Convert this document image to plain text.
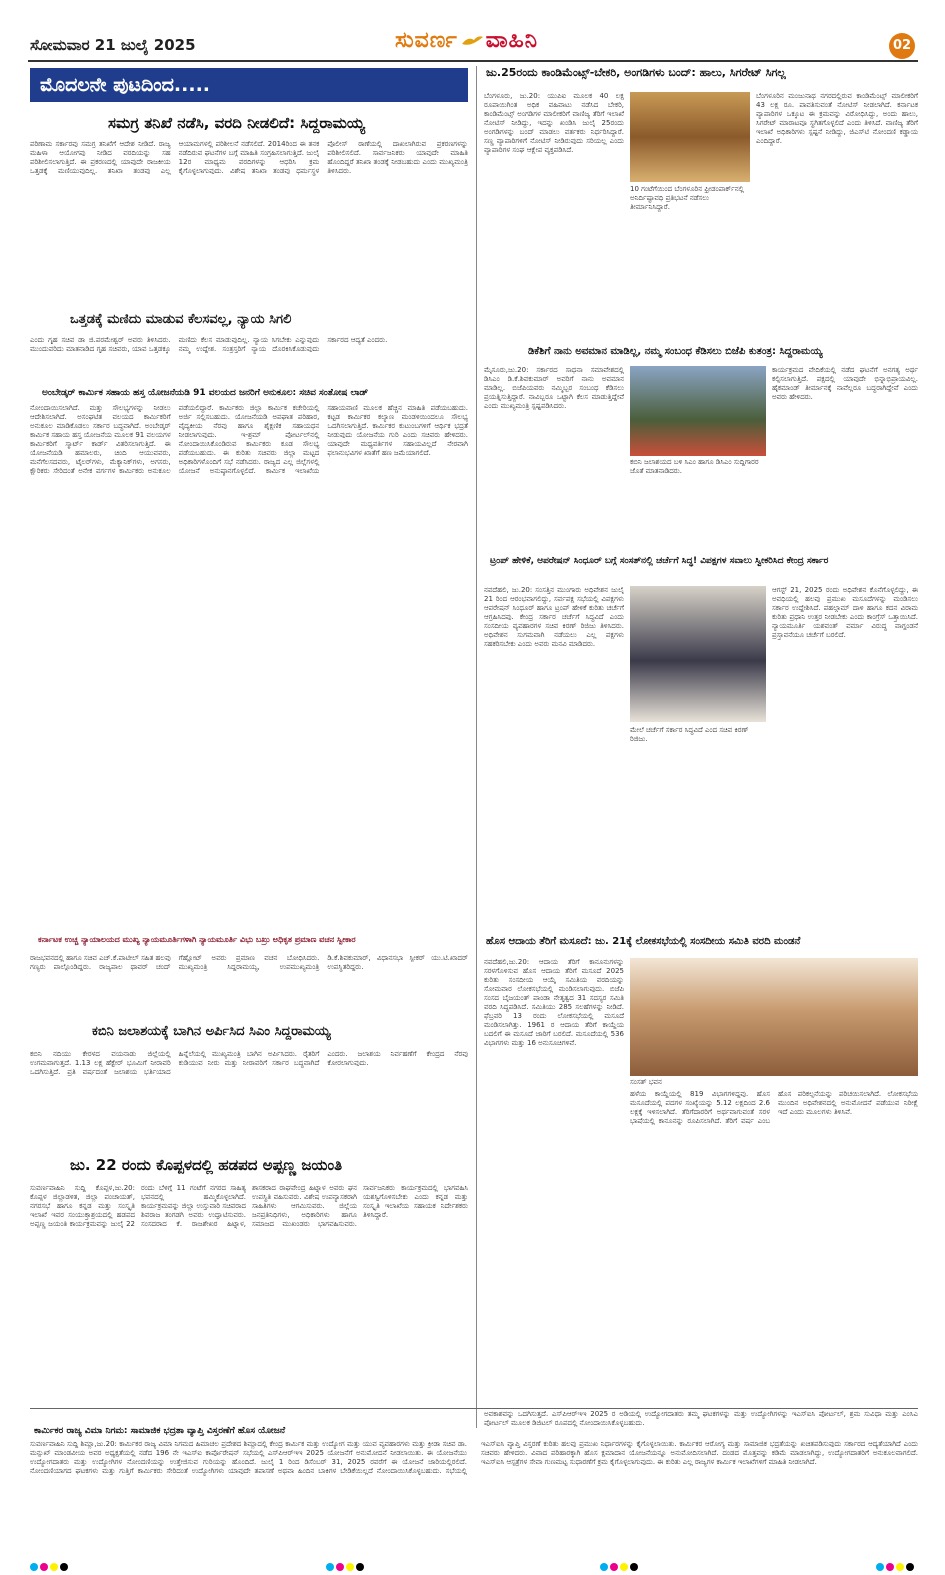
ಸೋಮವಾರ 21 ಜುಲೈ 2025	ಸುವರ್ಣ ವಾಹಿನಿ	02
ಮೊದಲನೇ ಪುಟದಿಂದ.....
ಸಮಗ್ರ ತನಿಖೆ ನಡೆಸಿ, ವರದಿ ನೀಡಲಿದೆ: ಸಿದ್ದರಾಮಯ್ಯ
ಪರಿಣಾಮ ಸರ್ಕಾರವು ಸಮಗ್ರ ತನಿಖೆಗೆ ಆದೇಶ ನೀಡಿದೆ. ರಾಜ್ಯ ಮಹಿಳಾ ಆಯೋಗವು ನೀಡಿದ ವರದಿಯನ್ನು ಸಹ ಪರಿಶೀಲಿಸಲಾಗುತ್ತಿದೆ. ಈ ಪ್ರಕರಣದಲ್ಲಿ ಯಾವುದೇ ರಾಜಕೀಯ ಒತ್ತಡಕ್ಕೆ ಮಣಿಯುವುದಿಲ್ಲ. ತನಿಖಾ ತಂಡವು ಎಲ್ಲ ಆಯಾಮಗಳಲ್ಲಿ ಪರಿಶೀಲನೆ ನಡೆಸಲಿದೆ. 2014ರಿಂದ ಈ ತನಕ ನಡೆದಿರುವ ಘಟನೆಗಳ ಬಗ್ಗೆ ಮಾಹಿತಿ ಸಂಗ್ರಹಿಸಲಾಗುತ್ತಿದೆ. ಜುಲೈ 12ರ ಮಾಧ್ಯಮ ವರದಿಗಳನ್ನು ಆಧರಿಸಿ ಕ್ರಮ ಕೈಗೊಳ್ಳಲಾಗುವುದು. ವಿಶೇಷ ತನಿಖಾ ತಂಡವು ಧರ್ಮಸ್ಥಳ ಪೊಲೀಸ್ ಠಾಣೆಯಲ್ಲಿ ದಾಖಲಾಗಿರುವ ಪ್ರಕರಣಗಳನ್ನು ಪರಿಶೀಲಿಸಲಿದೆ. ಸಾರ್ವಜನಿಕರು ಯಾವುದೇ ಮಾಹಿತಿ ಹೊಂದಿದ್ದರೆ ತನಿಖಾ ತಂಡಕ್ಕೆ ನೀಡಬಹುದು ಎಂದು ಮುಖ್ಯಮಂತ್ರಿ ತಿಳಿಸಿದರು.
ಒತ್ತಡಕ್ಕೆ ಮಣಿದು ಮಾಡುವ ಕೆಲಸವಲ್ಲ, ನ್ಯಾಯ ಸಿಗಲಿ
ಎಂದು ಗೃಹ ಸಚಿವ ಡಾ ಜಿ.ಪರಮೇಶ್ವರ್ ಅವರು ತಿಳಿಸಿದರು. ಮುಂದುವರಿದು ಮಾತನಾಡಿದ ಗೃಹ ಸಚಿವರು, ಯಾವ ಒತ್ತಡಕ್ಕೂ ಮಣಿದು ಕೆಲಸ ಮಾಡುವುದಿಲ್ಲ. ನ್ಯಾಯ ಸಿಗಬೇಕು ಎನ್ನುವುದು ನಮ್ಮ ಉದ್ದೇಶ. ಸಂತ್ರಸ್ತರಿಗೆ ನ್ಯಾಯ ದೊರಕಿಸಿಕೊಡುವುದು ಸರ್ಕಾರದ ಆದ್ಯತೆ ಎಂದರು.
ಅಂಬೇಡ್ಕರ್ ಕಾರ್ಮಿಕ ಸಹಾಯ ಹಸ್ತ ಯೋಜನೆಯಡಿ 91 ವಲಯದ ಜನರಿಗೆ ಅನುಕೂಲ: ಸಚಿವ ಸಂತೋಷ ಲಾಡ್
ನೋಂದಾಯಿಸಲಾಗಿದೆ. ಮತ್ತು ಸೌಲಭ್ಯಗಳನ್ನು ನೀಡಲು ಆದೇಶಿಸಲಾಗಿದೆ. ಅಸಂಘಟಿತ ವಲಯದ ಕಾರ್ಮಿಕರಿಗೆ ಅನುಕೂಲ ಮಾಡಿಕೊಡಲು ಸರ್ಕಾರ ಬದ್ಧವಾಗಿದೆ. ಅಂಬೇಡ್ಕರ್ ಕಾರ್ಮಿಕ ಸಹಾಯ ಹಸ್ತ ಯೋಜನೆಯ ಮೂಲಕ 91 ವಲಯಗಳ ಕಾರ್ಮಿಕರಿಗೆ ಸ್ಮಾರ್ಟ್ ಕಾರ್ಡ್ ವಿತರಿಸಲಾಗುತ್ತಿದೆ. ಈ ಯೋಜನೆಯಡಿ ಹಮಾಲರು, ಚಿಂದಿ ಆಯುವವರು, ಮನೆಗೆಲಸದವರು, ಟೈಲರ್‌ಗಳು, ಮೆಕ್ಯಾನಿಕ್‌ಗಳು, ಅಗಸರು, ಕ್ಷೌರಿಕರು ಸೇರಿದಂತೆ ಅನೇಕ ವರ್ಗಗಳ ಕಾರ್ಮಿಕರು ಅನುಕೂಲ ಪಡೆಯಲಿದ್ದಾರೆ. ಕಾರ್ಮಿಕರು ಜಿಲ್ಲಾ ಕಾರ್ಮಿಕ ಕಚೇರಿಯಲ್ಲಿ ಅರ್ಜಿ ಸಲ್ಲಿಸಬಹುದು. ಯೋಜನೆಯಡಿ ಅಪಘಾತ ಪರಿಹಾರ, ವೈದ್ಯಕೀಯ ನೆರವು ಹಾಗೂ ಶೈಕ್ಷಣಿಕ ಸಹಾಯಧನ ನೀಡಲಾಗುವುದು. ಇ-ಶ್ರಮ್ ಪೋರ್ಟಲ್‌ನಲ್ಲಿ ನೋಂದಾಯಿಸಿಕೊಂಡಿರುವ ಕಾರ್ಮಿಕರು ಕೂಡ ಸೌಲಭ್ಯ ಪಡೆಯಬಹುದು. ಈ ಕುರಿತು ಸಚಿವರು ಜಿಲ್ಲಾ ಮಟ್ಟದ ಅಧಿಕಾರಿಗಳೊಂದಿಗೆ ಸಭೆ ನಡೆಸಿದರು. ರಾಜ್ಯದ ಎಲ್ಲ ಜಿಲ್ಲೆಗಳಲ್ಲಿ ಯೋಜನೆ ಅನುಷ್ಠಾನಗೊಳ್ಳಲಿದೆ. ಕಾರ್ಮಿಕ ಇಲಾಖೆಯ ಸಹಾಯವಾಣಿ ಮೂಲಕ ಹೆಚ್ಚಿನ ಮಾಹಿತಿ ಪಡೆಯಬಹುದು. ಕಟ್ಟಡ ಕಾರ್ಮಿಕರ ಕಲ್ಯಾಣ ಮಂಡಳಿಯಿಂದಲೂ ಸೌಲಭ್ಯ ಒದಗಿಸಲಾಗುತ್ತಿದೆ. ಕಾರ್ಮಿಕರ ಕುಟುಂಬಗಳಿಗೆ ಆರ್ಥಿಕ ಭದ್ರತೆ ನೀಡುವುದು ಯೋಜನೆಯ ಗುರಿ ಎಂದು ಸಚಿವರು ಹೇಳಿದರು. ಯಾವುದೇ ಮಧ್ಯವರ್ತಿಗಳ ಸಹಾಯವಿಲ್ಲದೆ ನೇರವಾಗಿ ಫಲಾನುಭವಿಗಳ ಖಾತೆಗೆ ಹಣ ಜಮೆಯಾಗಲಿದೆ.
ಕರ್ನಾಟಕ ಉಚ್ಚ ನ್ಯಾಯಾಲಯದ ಮುಖ್ಯ ನ್ಯಾಯಮೂರ್ತಿಗಳಾಗಿ ನ್ಯಾಯಮೂರ್ತಿ ವಿಭು ಬಖ್ರು ಅಧಿಕೃತ ಪ್ರಮಾಣ ವಚನ ಸ್ವೀಕಾರ
ರಾಜಭವನದಲ್ಲಿ ಹಾಗೂ ಸಚಿವ ಎಚ್.ಕೆ.ಪಾಟೀಲ್ ಸಹಿತ ಹಲವು ಗಣ್ಯರು ಪಾಲ್ಗೊಂಡಿದ್ದರು. ರಾಜ್ಯಪಾಲ ಥಾವರ್ ಚಂದ್ ಗೆಹ್ಲೋಟ್ ಅವರು ಪ್ರಮಾಣ ವಚನ ಬೋಧಿಸಿದರು. ಮುಖ್ಯಮಂತ್ರಿ ಸಿದ್ದರಾಮಯ್ಯ, ಉಪಮುಖ್ಯಮಂತ್ರಿ ಡಿ.ಕೆ.ಶಿವಕುಮಾರ್, ವಿಧಾನಸಭಾ ಸ್ಪೀಕರ್ ಯು.ಟಿ.ಖಾದರ್ ಉಪಸ್ಥಿತರಿದ್ದರು.
ಕಬಿನಿ ಜಲಾಶಯಕ್ಕೆ ಬಾಗಿನ ಅರ್ಪಿಸಿದ ಸಿಎಂ ಸಿದ್ದರಾಮಯ್ಯ
ಕಬಿನಿ ನದಿಯು ಕೇರಳದ ವಯನಾಡು ಜಿಲ್ಲೆಯಲ್ಲಿ ಉಗಮವಾಗುತ್ತದೆ. 1.13 ಲಕ್ಷ ಹೆಕ್ಟೇರ್ ಭೂಮಿಗೆ ನೀರಾವರಿ ಒದಗಿಸುತ್ತಿದೆ. ಪ್ರತಿ ವರ್ಷದಂತೆ ಜಲಾಶಯ ಭರ್ತಿಯಾದ ಹಿನ್ನೆಲೆಯಲ್ಲಿ ಮುಖ್ಯಮಂತ್ರಿ ಬಾಗಿನ ಅರ್ಪಿಸಿದರು. ರೈತರಿಗೆ ಕುಡಿಯುವ ನೀರು ಮತ್ತು ನೀರಾವರಿಗೆ ಸರ್ಕಾರ ಬದ್ಧವಾಗಿದೆ ಎಂದರು. ಜಲಾಶಯ ನಿರ್ವಹಣೆಗೆ ಕೇಂದ್ರದ ನೆರವು ಕೋರಲಾಗುವುದು.
ಜು. 22 ರಂದು ಕೊಪ್ಪಳದಲ್ಲಿ ಹಡಪದ ಅಪ್ಪಣ್ಣ ಜಯಂತಿ
ಸುವರ್ಣವಾಹಿನಿ ಸುದ್ದಿ ಕೊಪ್ಪಳ,ಜು.20: ಕೊಪ್ಪಳ ಜಿಲ್ಲಾಡಳಿತ, ಜಿಲ್ಲಾ ಪಂಚಾಯತ್, ನಗರಸಭೆ ಹಾಗೂ ಕನ್ನಡ ಮತ್ತು ಸಂಸ್ಕೃತಿ ಇಲಾಖೆ ಇವರ ಸಂಯುಕ್ತಾಶ್ರಯದಲ್ಲಿ ಹಡಪದ ಅಪ್ಪಣ್ಣ ಜಯಂತಿ ಕಾರ್ಯಕ್ರಮವನ್ನು ಜುಲೈ 22 ರಂದು ಬೆಳಿಗ್ಗೆ 11 ಗಂಟೆಗೆ ನಗರದ ಸಾಹಿತ್ಯ ಭವನದಲ್ಲಿ ಹಮ್ಮಿಕೊಳ್ಳಲಾಗಿದೆ. ಕಾರ್ಯಕ್ರಮವನ್ನು ಜಿಲ್ಲಾ ಉಸ್ತುವಾರಿ ಸಚಿವರಾದ ಶಿವರಾಜ ತಂಗಡಗಿ ಅವರು ಉದ್ಘಾಟಿಸುವರು. ಸಂಸದರಾದ ಕೆ. ರಾಜಶೇಖರ ಹಿಟ್ನಾಳ, ಶಾಸಕರಾದ ರಾಘವೇಂದ್ರ ಹಿಟ್ನಾಳ ಅವರು ಘನ ಉಪಸ್ಥಿತಿ ವಹಿಸುವರು. ವಿಶೇಷ ಉಪನ್ಯಾಸಕರಾಗಿ ಸಾಹಿತಿಗಳು ಆಗಮಿಸುವರು. ಜಿಲ್ಲೆಯ ಜನಪ್ರತಿನಿಧಿಗಳು, ಅಧಿಕಾರಿಗಳು ಹಾಗೂ ಸಮಾಜದ ಮುಖಂಡರು ಭಾಗವಹಿಸುವರು. ಸಾರ್ವಜನಿಕರು ಕಾರ್ಯಕ್ರಮದಲ್ಲಿ ಭಾಗವಹಿಸಿ ಯಶಸ್ವಿಗೊಳಿಸಬೇಕು ಎಂದು ಕನ್ನಡ ಮತ್ತು ಸಂಸ್ಕೃತಿ ಇಲಾಖೆಯ ಸಹಾಯಕ ನಿರ್ದೇಶಕರು ತಿಳಿಸಿದ್ದಾರೆ.
ಜು.25ರಂದು ಕಾಂಡಿಮೆಂಟ್ಸ್-ಬೇಕರಿ, ಅಂಗಡಿಗಳು ಬಂದ್: ಹಾಲು, ಸಿಗರೇಟ್ ಸಿಗಲ್ಲ
ಬೆಂಗಳೂರು, ಜು.20: ಯುಪಿಐ ಮೂಲಕ 40 ಲಕ್ಷ ರೂಪಾಯಿಗಿಂತ ಅಧಿಕ ವಹಿವಾಟು ನಡೆಸಿದ ಬೇಕರಿ, ಕಾಂಡಿಮೆಂಟ್ಸ್ ಅಂಗಡಿಗಳ ಮಾಲೀಕರಿಗೆ ವಾಣಿಜ್ಯ ತೆರಿಗೆ ಇಲಾಖೆ ನೋಟಿಸ್ ನೀಡಿದ್ದು, ಇದನ್ನು ಖಂಡಿಸಿ ಜುಲೈ 25ರಂದು ಅಂಗಡಿಗಳನ್ನು ಬಂದ್ ಮಾಡಲು ವರ್ತಕರು ನಿರ್ಧರಿಸಿದ್ದಾರೆ. ಸಣ್ಣ ವ್ಯಾಪಾರಿಗಳಿಗೆ ನೋಟಿಸ್ ನೀಡಿರುವುದು ಸರಿಯಲ್ಲ ಎಂದು ವ್ಯಾಪಾರಿಗಳ ಸಂಘ ಆಕ್ಷೇಪ ವ್ಯಕ್ತಪಡಿಸಿದೆ.
10 ಗಂಟೆಗೆಯಿಂದ ಬೆಂಗಳೂರಿನ ಫ್ರೀಡಂಪಾರ್ಕ್‌ನಲ್ಲಿ ಅನಿರ್ದಿಷ್ಟಾವಧಿ ಪ್ರತಿಭಟನೆ ನಡೆಸಲು ತೀರ್ಮಾನಿಸಿದ್ದಾರೆ.
ಬೆಂಗಳೂರಿನ ಮಂಜುನಾಥ ನಗರದಲ್ಲಿರುವ ಕಾಂಡಿಮೆಂಟ್ಸ್ ಮಾಲೀಕರಿಗೆ 43 ಲಕ್ಷ ರೂ. ಪಾವತಿಸುವಂತೆ ನೋಟಿಸ್ ನೀಡಲಾಗಿದೆ. ಕರ್ನಾಟಕ ವ್ಯಾಪಾರಿಗಳ ಒಕ್ಕೂಟ ಈ ಕ್ರಮವನ್ನು ವಿರೋಧಿಸಿದ್ದು, ಅಂದು ಹಾಲು, ಸಿಗರೇಟ್ ಮಾರಾಟವೂ ಸ್ಥಗಿತಗೊಳ್ಳಲಿದೆ ಎಂದು ತಿಳಿಸಿದೆ. ವಾಣಿಜ್ಯ ತೆರಿಗೆ ಇಲಾಖೆ ಅಧಿಕಾರಿಗಳು ಸ್ಪಷ್ಟನೆ ನೀಡಿದ್ದು, ಜಿಎಸ್‌ಟಿ ನೋಂದಣಿ ಕಡ್ಡಾಯ ಎಂದಿದ್ದಾರೆ.
ಡಿಕೆಶಿಗೆ ನಾನು ಅವಮಾನ ಮಾಡಿಲ್ಲ, ನಮ್ಮ ಸಂಬಂಧ ಕೆಡಿಸಲು ಬಿಜೆಪಿ ಕುತಂತ್ರ: ಸಿದ್ದರಾಮಯ್ಯ
ಮೈಸೂರು,ಜು.20: ಸರ್ಕಾರದ ಸಾಧನಾ ಸಮಾವೇಶದಲ್ಲಿ ಡಿಸಿಎಂ ಡಿ.ಕೆ.ಶಿವಕುಮಾರ್ ಅವರಿಗೆ ನಾನು ಅವಮಾನ ಮಾಡಿಲ್ಲ. ಬಿಜೆಪಿಯವರು ನಮ್ಮಿಬ್ಬರ ಸಂಬಂಧ ಕೆಡಿಸಲು ಪ್ರಯತ್ನಿಸುತ್ತಿದ್ದಾರೆ. ನಾವಿಬ್ಬರೂ ಒಟ್ಟಾಗಿ ಕೆಲಸ ಮಾಡುತ್ತಿದ್ದೇವೆ ಎಂದು ಮುಖ್ಯಮಂತ್ರಿ ಸ್ಪಷ್ಟಪಡಿಸಿದರು.
ಕಬಿನಿ ಜಲಾಶಯದ ಬಳಿ ಸಿಎಂ ಹಾಗೂ ಡಿಸಿಎಂ ಸುದ್ದಿಗಾರರ ಜೊತೆ ಮಾತನಾಡಿದರು.
ಕಾರ್ಯಕ್ರಮದ ವೇದಿಕೆಯಲ್ಲಿ ನಡೆದ ಘಟನೆಗೆ ಅನಗತ್ಯ ಅರ್ಥ ಕಲ್ಪಿಸಲಾಗುತ್ತಿದೆ. ಪಕ್ಷದಲ್ಲಿ ಯಾವುದೇ ಭಿನ್ನಾಭಿಪ್ರಾಯವಿಲ್ಲ. ಹೈಕಮಾಂಡ್ ತೀರ್ಮಾನಕ್ಕೆ ನಾವೆಲ್ಲರೂ ಬದ್ಧರಾಗಿದ್ದೇವೆ ಎಂದು ಅವರು ಹೇಳಿದರು.
ಟ್ರಂಪ್ ಹೇಳಿಕೆ, ಆಪರೇಷನ್ ಸಿಂಧೂರ್ ಬಗ್ಗೆ ಸಂಸತ್‌ನಲ್ಲಿ ಚರ್ಚೆಗೆ ಸಿದ್ಧ! ವಿಪಕ್ಷಗಳ ಸವಾಲು ಸ್ವೀಕರಿಸಿದ ಕೇಂದ್ರ ಸರ್ಕಾರ
ನವದೆಹಲಿ, ಜು.20: ಸಂಸತ್ತಿನ ಮುಂಗಾರು ಅಧಿವೇಶನ ಜುಲೈ 21 ರಿಂದ ಆರಂಭವಾಗಲಿದ್ದು, ಸರ್ವಪಕ್ಷ ಸಭೆಯಲ್ಲಿ ವಿಪಕ್ಷಗಳು ಆಪರೇಷನ್ ಸಿಂಧೂರ್ ಹಾಗೂ ಟ್ರಂಪ್ ಹೇಳಿಕೆ ಕುರಿತು ಚರ್ಚೆಗೆ ಆಗ್ರಹಿಸಿದವು. ಕೇಂದ್ರ ಸರ್ಕಾರ ಚರ್ಚೆಗೆ ಸಿದ್ಧವಿದೆ ಎಂದು ಸಂಸದೀಯ ವ್ಯವಹಾರಗಳ ಸಚಿವ ಕಿರಣ್ ರಿಜಿಜು ತಿಳಿಸಿದರು. ಅಧಿವೇಶನ ಸುಗಮವಾಗಿ ನಡೆಯಲು ಎಲ್ಲ ಪಕ್ಷಗಳು ಸಹಕರಿಸಬೇಕು ಎಂದು ಅವರು ಮನವಿ ಮಾಡಿದರು.
ಮೇಲೆ ಚರ್ಚೆಗೆ ಸರ್ಕಾರ ಸಿದ್ಧವಿದೆ ಎಂದ ಸಚಿವ ಕಿರಣ್ ರಿಜಿಜು.
ಆಗಸ್ಟ್ 21, 2025 ರಂದು ಅಧಿವೇಶನ ಕೊನೆಗೊಳ್ಳಲಿದ್ದು, ಈ ಅವಧಿಯಲ್ಲಿ ಹಲವು ಪ್ರಮುಖ ಮಸೂದೆಗಳನ್ನು ಮಂಡಿಸಲು ಸರ್ಕಾರ ಉದ್ದೇಶಿಸಿದೆ. ಪಹಲ್ಗಾಮ್ ದಾಳಿ ಹಾಗೂ ಕದನ ವಿರಾಮ ಕುರಿತು ಪ್ರಧಾನಿ ಉತ್ತರ ನೀಡಬೇಕು ಎಂದು ಕಾಂಗ್ರೆಸ್ ಒತ್ತಾಯಿಸಿದೆ. ನ್ಯಾಯಮೂರ್ತಿ ಯಶವಂತ್ ವರ್ಮಾ ವಿರುದ್ಧ ವಾಗ್ದಂಡನೆ ಪ್ರಸ್ತಾವನೆಯೂ ಚರ್ಚೆಗೆ ಬರಲಿದೆ.
ಹೊಸ ಆದಾಯ ತೆರಿಗೆ ಮಸೂದೆ: ಜು. 21ಕ್ಕೆ ಲೋಕಸಭೆಯಲ್ಲಿ ಸಂಸದೀಯ ಸಮಿತಿ ವರದಿ ಮಂಡನೆ
ನವದೆಹಲಿ,ಜು.20: ಆದಾಯ ತೆರಿಗೆ ಕಾನೂನುಗಳನ್ನು ಸರಳಗೊಳಿಸುವ ಹೊಸ ಆದಾಯ ತೆರಿಗೆ ಮಸೂದೆ 2025 ಕುರಿತು ಸಂಸದೀಯ ಆಯ್ಕೆ ಸಮಿತಿಯ ವರದಿಯನ್ನು ಸೋಮವಾರ ಲೋಕಸಭೆಯಲ್ಲಿ ಮಂಡಿಸಲಾಗುವುದು. ಬಿಜೆಪಿ ಸಂಸದ ಬೈಜಯಂತ್ ಪಾಂಡಾ ನೇತೃತ್ವದ 31 ಸದಸ್ಯರ ಸಮಿತಿ ವರದಿ ಸಿದ್ಧಪಡಿಸಿದೆ. ಸಮಿತಿಯು 285 ಸಲಹೆಗಳನ್ನು ನೀಡಿದೆ. ಫೆಬ್ರವರಿ 13 ರಂದು ಲೋಕಸಭೆಯಲ್ಲಿ ಮಸೂದೆ ಮಂಡಿಸಲಾಗಿತ್ತು. 1961 ರ ಆದಾಯ ತೆರಿಗೆ ಕಾಯ್ದೆಯ ಬದಲಿಗೆ ಈ ಮಸೂದೆ ಜಾರಿಗೆ ಬರಲಿದೆ. ಮಸೂದೆಯಲ್ಲಿ 536 ವಿಭಾಗಗಳು ಮತ್ತು 16 ಅನುಸೂಚಿಗಳಿವೆ.
ಸಂಸತ್ ಭವನ
ಹಳೆಯ ಕಾಯ್ದೆಯಲ್ಲಿ 819 ವಿಭಾಗಗಳಿದ್ದವು. ಹೊಸ ಮಸೂದೆಯಲ್ಲಿ ಪದಗಳ ಸಂಖ್ಯೆಯನ್ನು 5.12 ಲಕ್ಷದಿಂದ 2.6 ಲಕ್ಷಕ್ಕೆ ಇಳಿಸಲಾಗಿದೆ. ತೆರಿಗೆದಾರರಿಗೆ ಅರ್ಥವಾಗುವಂತೆ ಸರಳ ಭಾಷೆಯಲ್ಲಿ ಕಾನೂನನ್ನು ರೂಪಿಸಲಾಗಿದೆ. ತೆರಿಗೆ ವರ್ಷ ಎಂಬ ಹೊಸ ಪರಿಕಲ್ಪನೆಯನ್ನು ಪರಿಚಯಿಸಲಾಗಿದೆ. ಲೋಕಸಭೆಯ ಮುಂದಿನ ಅಧಿವೇಶನದಲ್ಲಿ ಅನುಮೋದನೆ ಪಡೆಯುವ ನಿರೀಕ್ಷೆ ಇದೆ ಎಂದು ಮೂಲಗಳು ತಿಳಿಸಿವೆ.
ಅವಕಾಶವನ್ನು ಒದಗಿಸುತ್ತದೆ. ಎಸ್‌ಪಿಆರ್‌ಇಇ 2025 ರ ಅಡಿಯಲ್ಲಿ ಉದ್ಯೋಗದಾತರು ತಮ್ಮ ಘಟಕಗಳನ್ನು ಮತ್ತು ಉದ್ಯೋಗಿಗಳನ್ನು ಇಎಸ್‌ಐಸಿ ಪೋರ್ಟಲ್, ಶ್ರಮ ಸುವಿಧಾ ಮತ್ತು ಎಂಸಿಎ ಪೋರ್ಟಲ್ ಮೂಲಕ ಡಿಜಿಟಲ್ ರೂಪದಲ್ಲಿ ನೋಂದಾಯಿಸಿಕೊಳ್ಳಬಹುದು.
ಕಾರ್ಮಿಕರ ರಾಜ್ಯ ವಿಮಾ ನಿಗಮ: ಸಾಮಾಜಿಕ ಭದ್ರತಾ ವ್ಯಾಪ್ತಿ ವಿಸ್ತರಣೆಗೆ ಹೊಸ ಯೋಜನೆ
ಸುವರ್ಣವಾಹಿನಿ ಸುದ್ದಿ ಶಿಮ್ಲಾ,ಜು.20: ಕಾರ್ಮಿಕರ ರಾಜ್ಯ ವಿಮಾ ನಿಗಮದ ಹಿಮಾಚಲ ಪ್ರದೇಶದ ಶಿಮ್ಲಾದಲ್ಲಿ ಕೇಂದ್ರ ಕಾರ್ಮಿಕ ಮತ್ತು ಉದ್ಯೋಗ ಮತ್ತು ಯುವ ವ್ಯವಹಾರಗಳು ಮತ್ತು ಕ್ರೀಡಾ ಸಚಿವ ಡಾ. ಮನ್ಸುಖ್ ಮಾಂಡವೀಯ ಅವರ ಅಧ್ಯಕ್ಷತೆಯಲ್ಲಿ ನಡೆದ 196 ನೇ ಇಎಸ್‌ಐ ಕಾರ್ಪೊರೇಷನ್ ಸಭೆಯಲ್ಲಿ ಎಸ್‌ಪಿಆರ್‌ಇಇ 2025 ಯೋಜನೆಗೆ ಅನುಮೋದನೆ ನೀಡಲಾಯಿತು. ಈ ಯೋಜನೆಯು ಉದ್ಯೋಗದಾತರು ಮತ್ತು ಉದ್ಯೋಗಿಗಳ ನೋಂದಣಿಯನ್ನು ಉತ್ತೇಜಿಸುವ ಗುರಿಯನ್ನು ಹೊಂದಿದೆ. ಜುಲೈ 1 ರಿಂದ ಡಿಸೆಂಬರ್ 31, 2025 ರವರೆಗೆ ಈ ಯೋಜನೆ ಜಾರಿಯಲ್ಲಿರಲಿದೆ. ನೋಂದಣಿಯಾಗದ ಘಟಕಗಳು ಮತ್ತು ಗುತ್ತಿಗೆ ಕಾರ್ಮಿಕರು ಸೇರಿದಂತೆ ಉದ್ಯೋಗಿಗಳು ಯಾವುದೇ ತಪಾಸಣೆ ಅಥವಾ ಹಿಂದಿನ ಬಾಕಿಗಳ ಬೇಡಿಕೆಯಿಲ್ಲದೆ ನೋಂದಾಯಿಸಿಕೊಳ್ಳಬಹುದು. ಸಭೆಯಲ್ಲಿ ಇಎಸ್‌ಐಸಿ ವ್ಯಾಪ್ತಿ ವಿಸ್ತರಣೆ ಕುರಿತು ಹಲವು ಪ್ರಮುಖ ನಿರ್ಧಾರಗಳನ್ನು ಕೈಗೊಳ್ಳಲಾಯಿತು. ಕಾರ್ಮಿಕರ ಆರೋಗ್ಯ ಮತ್ತು ಸಾಮಾಜಿಕ ಭದ್ರತೆಯನ್ನು ಖಚಿತಪಡಿಸುವುದು ಸರ್ಕಾರದ ಆದ್ಯತೆಯಾಗಿದೆ ಎಂದು ಸಚಿವರು ಹೇಳಿದರು. ವಿವಾದ ಪರಿಹಾರಕ್ಕಾಗಿ ಹೊಸ ಕ್ಷಮಾದಾನ ಯೋಜನೆಯನ್ನೂ ಅನುಮೋದಿಸಲಾಗಿದೆ. ದಂಡದ ಮೊತ್ತವನ್ನು ಕಡಿಮೆ ಮಾಡಲಾಗಿದ್ದು, ಉದ್ಯೋಗದಾತರಿಗೆ ಅನುಕೂಲವಾಗಲಿದೆ. ಇಎಸ್‌ಐಸಿ ಆಸ್ಪತ್ರೆಗಳ ಸೇವಾ ಗುಣಮಟ್ಟ ಸುಧಾರಣೆಗೆ ಕ್ರಮ ಕೈಗೊಳ್ಳಲಾಗುವುದು. ಈ ಕುರಿತು ಎಲ್ಲ ರಾಜ್ಯಗಳ ಕಾರ್ಮಿಕ ಇಲಾಖೆಗಳಿಗೆ ಮಾಹಿತಿ ನೀಡಲಾಗಿದೆ.
